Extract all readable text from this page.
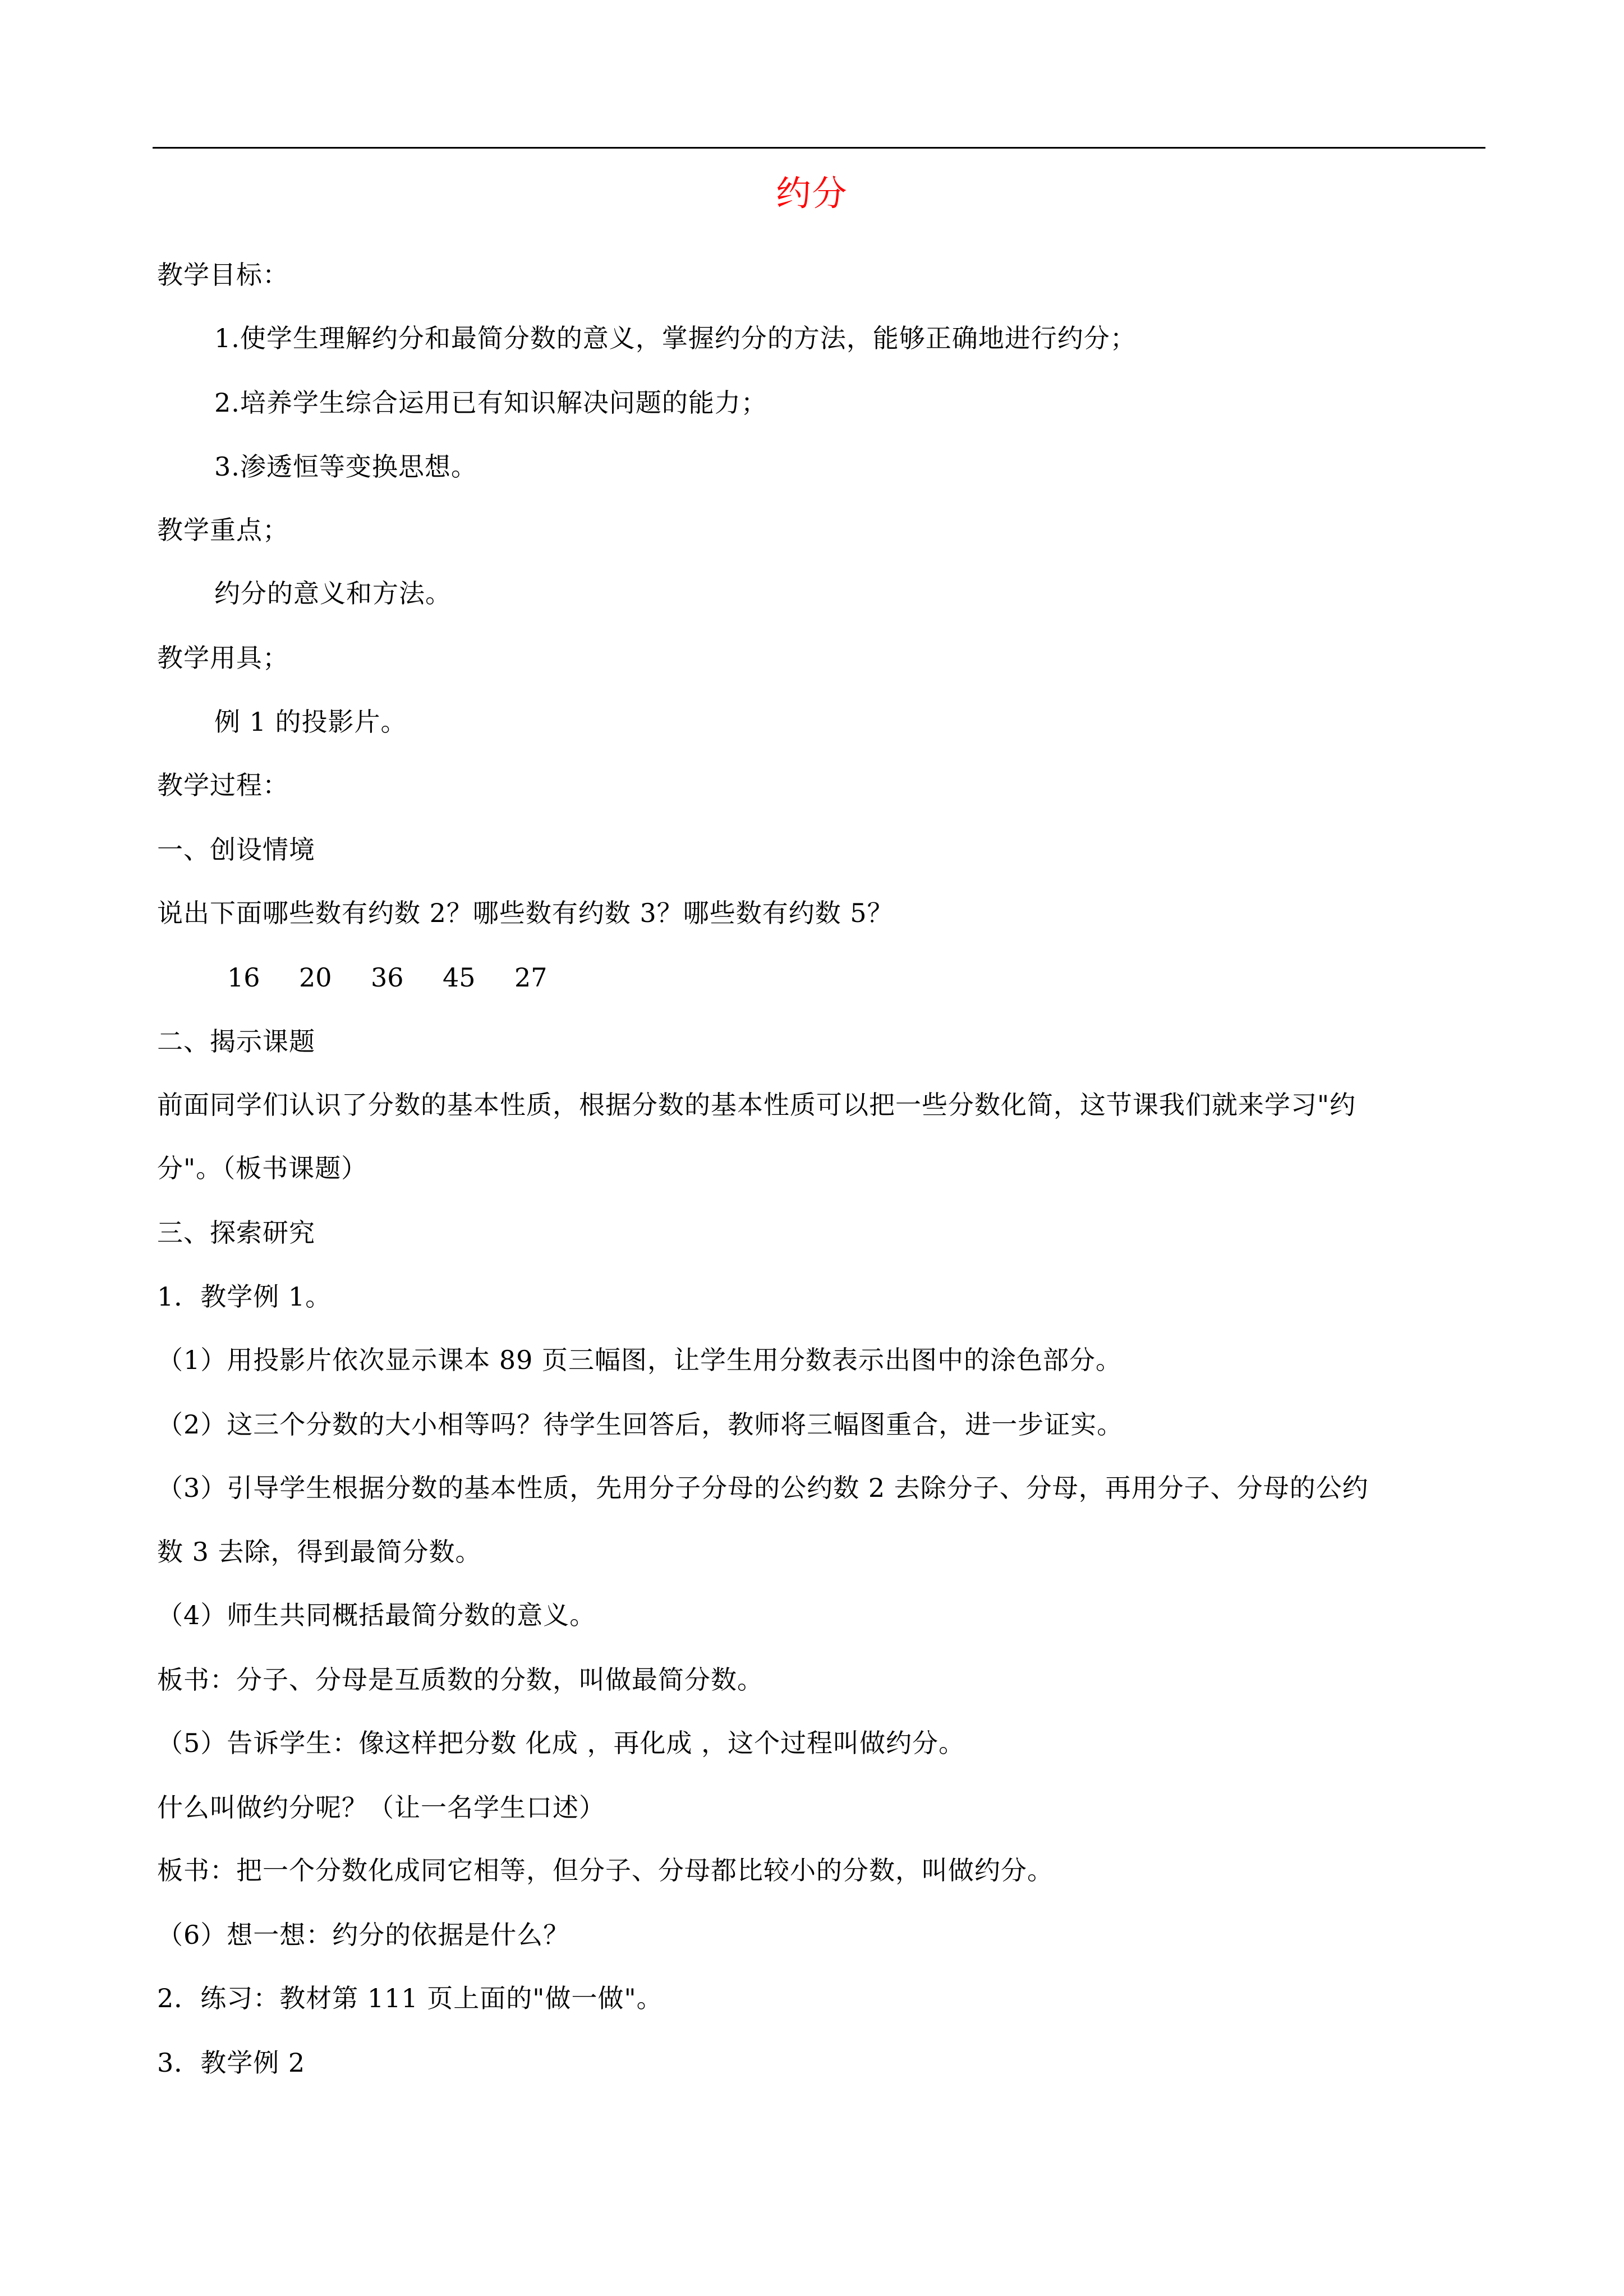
约分
教学目标：
1.使学生理解约分和最简分数的意义，掌握约分的方法，能够正确地进行约分；
2.培养学生综合运用已有知识解决问题的能力；
3.渗透恒等变换思想。
教学重点；
约分的意义和方法。
教学用具；
例 1 的投影片。
教学过程：
一、创设情境
说出下面哪些数有约数 2？哪些数有约数 3？哪些数有约数 5？
16	20	36	45	27
二、揭示课题
前面同学们认识了分数的基本性质，根据分数的基本性质可以把一些分数化简，这节课我们就来学习"约
分"。（板书课题）
三、探索研究
1．教学例 1。
（1）用投影片依次显示课本 89 页三幅图，让学生用分数表示出图中的涂色部分。
（2）这三个分数的大小相等吗？待学生回答后，教师将三幅图重合，进一步证实。
（3）引导学生根据分数的基本性质，先用分子分母的公约数 2 去除分子、分母，再用分子、分母的公约
数 3 去除，得到最简分数。
（4）师生共同概括最简分数的意义。
板书：分子、分母是互质数的分数，叫做最简分数。
（5）告诉学生：像这样把分数 化成 ，再化成 ，这个过程叫做约分。
什么叫做约分呢？（让一名学生口述）
板书：把一个分数化成同它相等，但分子、分母都比较小的分数，叫做约分。
（6）想一想：约分的依据是什么？
2．练习：教材第 111 页上面的"做一做"。
3．教学例 2
